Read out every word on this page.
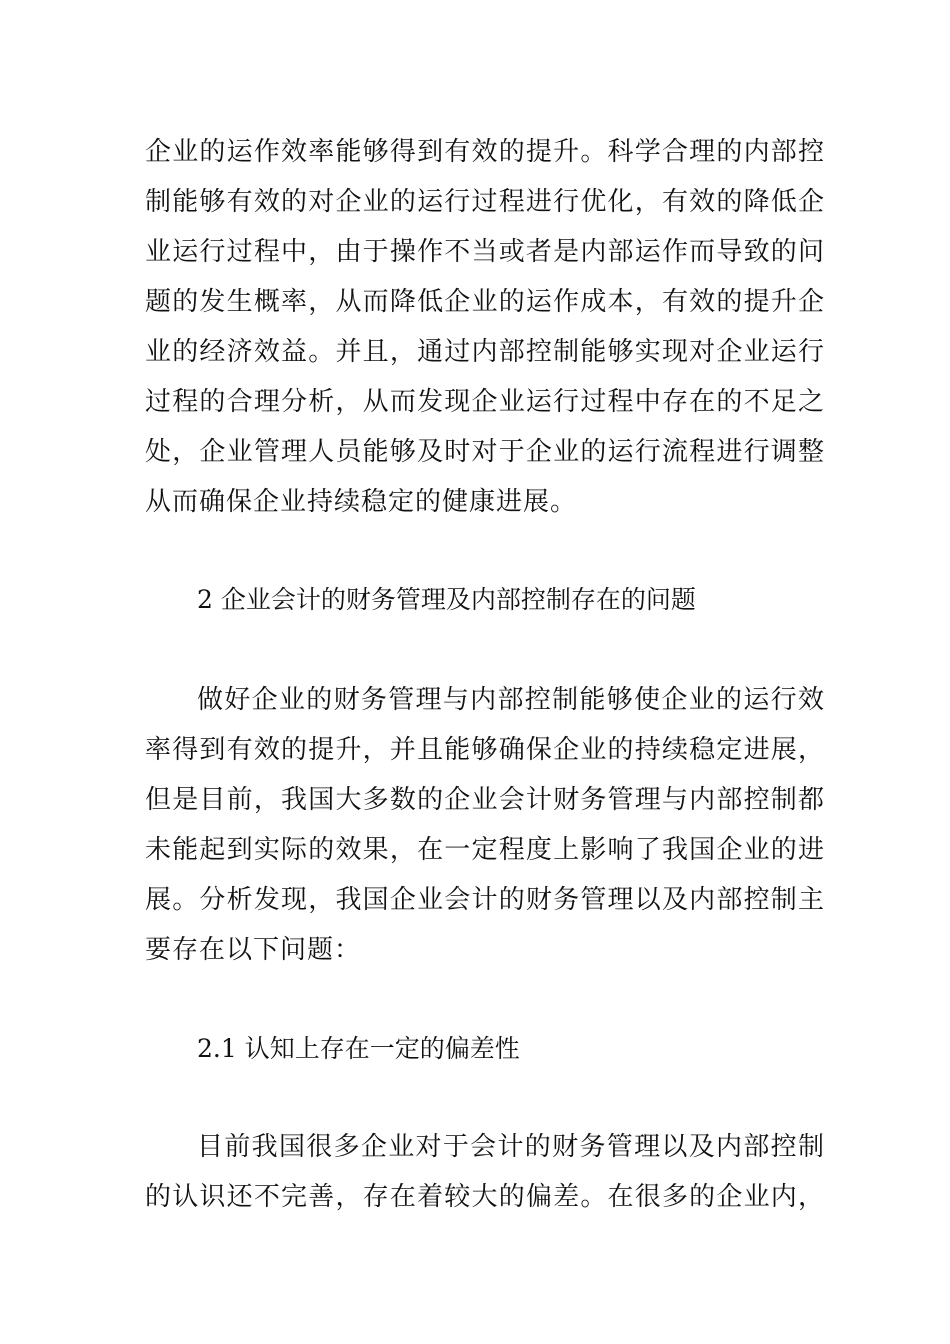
企业的运作效率能够得到有效的提升。科学合理的内部控
制能够有效的对企业的运行过程进行优化，有效的降低企
业运行过程中，由于操作不当或者是内部运作而导致的问
题的发生概率，从而降低企业的运作成本，有效的提升企
业的经济效益。并且，通过内部控制能够实现对企业运行
过程的合理分析，从而发现企业运行过程中存在的不足之
处，企业管理人员能够及时对于企业的运行流程进行调整
从而确保企业持续稳定的健康进展。
2 企业会计的财务管理及内部控制存在的问题
做好企业的财务管理与内部控制能够使企业的运行效
率得到有效的提升，并且能够确保企业的持续稳定进展，
但是目前，我国大多数的企业会计财务管理与内部控制都
未能起到实际的效果，在一定程度上影响了我国企业的进
展。分析发现，我国企业会计的财务管理以及内部控制主
要存在以下问题：
2.1 认知上存在一定的偏差性
目前我国很多企业对于会计的财务管理以及内部控制
的认识还不完善，存在着较大的偏差。在很多的企业内，
